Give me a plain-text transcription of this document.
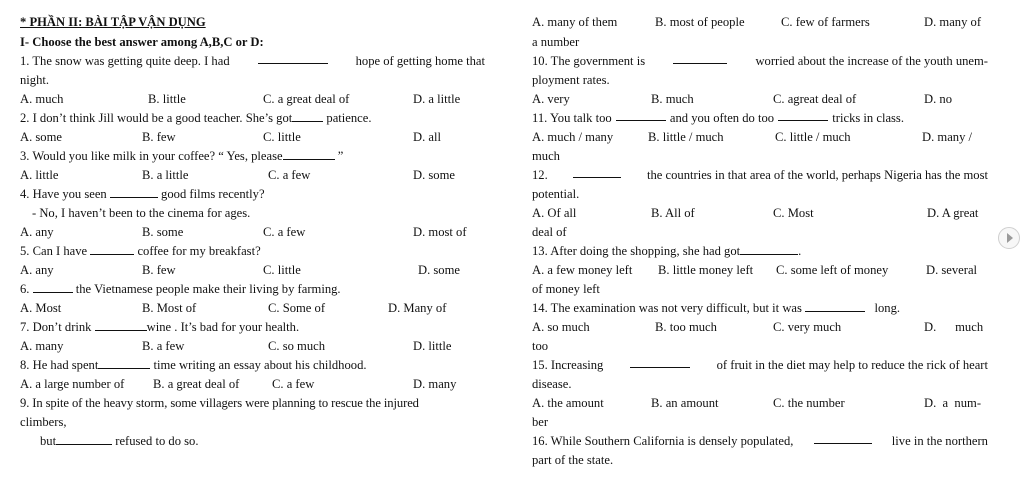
* PHẦN II: BÀI TẬP VẬN DỤNG
I- Choose the best answer among A,B,C or D:
1. The snow was getting quite deep. I had	hope of getting home that
night.
A. much	B. little	C. a great deal of	D. a little
2. I don’t think Jill would be a good teacher. She’s got	patience.
A. some	B. few	C. little	D. all
3. Would you like milk in your coffee? “ Yes, please	”
A. little	B. a little	C. a few	D. some
4. Have you seen	good films recently?
- No, I haven’t been to the cinema for ages.
A. any	B. some	C. a few	D. most of
5. Can I have	coffee for my breakfast?
A. any	B. few	C. little	D. some
6.	the Vietnamese people make their living by farming.
A. Most	B. Most of	C. Some of	D. Many of
7. Don’t drink	wine . It’s bad for your health.
A. many	B. a few	C. so much	D. little
8. He had spent	time writing an essay about his childhood.
A. a large number of B. a great deal of	C. a few	D. many
9. In spite of the heavy storm, some villagers were planning to rescue the injured
climbers,
but	refused to do so.
A. many of them	B. most of people	C. few of farmers	D. many of
a number
10. The government is	worried about the increase of the youth unem-
ployment rates.
A. very	B. much	C. agreat deal of	D. no
11. You talk too	and you often do too	tricks in class.
A. much / many	B. little / much	C. little / much	D. many /
much
12.	the countries in that area of the world, perhaps Nigeria has the most
potential.
A. Of all	B. All of	C. Most	D. A great
deal of
13. After doing the shopping, she had got	.
A. a few money left B. little money left C. some left of money	D. several
of money left
14. The examination was not very difficult, but it was	long.
A. so much	B. too much	C. very much	D.      much
too
15. Increasing	of fruit in the diet may help to reduce the rick of heart
disease.
A. the amount	B. an amount	C. the number	D.  a  num-
ber
16. While Southern California is densely populated,	live in the northern
part of the state.
